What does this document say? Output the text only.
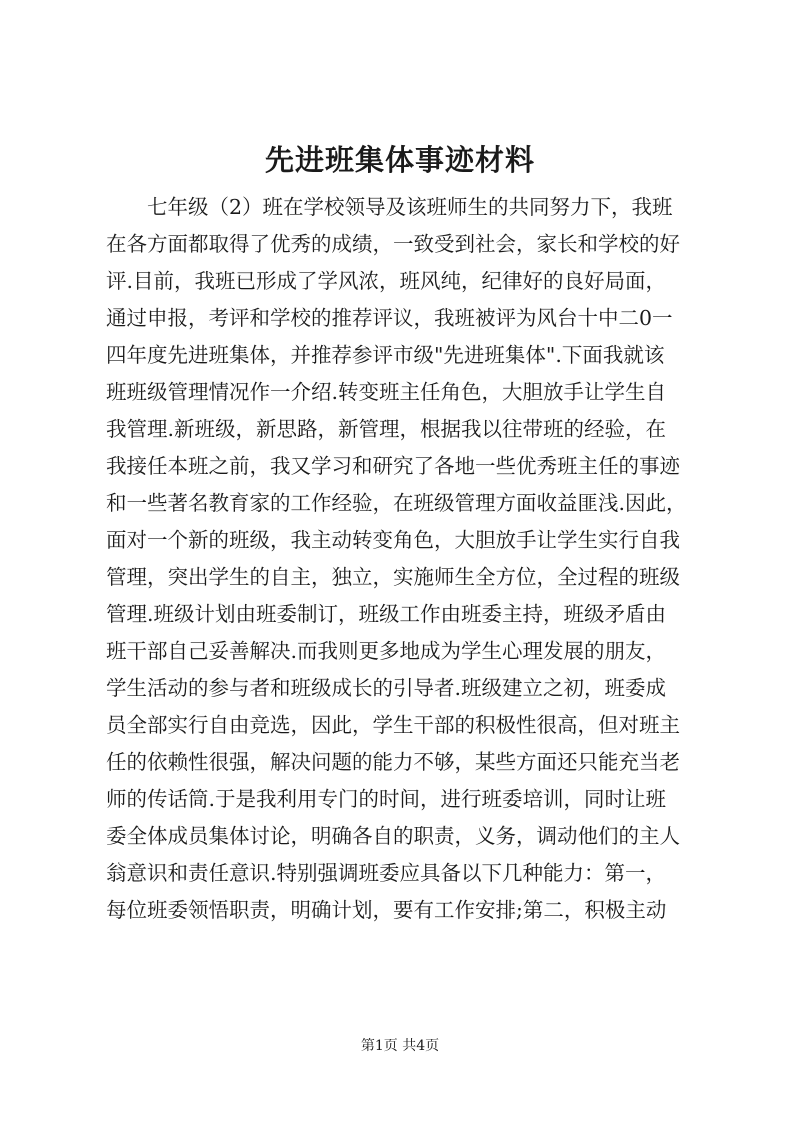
先进班集体事迹材料
七年级（2）班在学校领导及该班师生的共同努力下，我班
在各方面都取得了优秀的成绩，一致受到社会，家长和学校的好
评.目前，我班已形成了学风浓，班风纯，纪律好的良好局面，
通过申报，考评和学校的推荐评议，我班被评为风台十中二0一
四年度先进班集体，并推荐参评市级"先进班集体".下面我就该
班班级管理情况作一介绍.转变班主任角色，大胆放手让学生自
我管理.新班级，新思路，新管理，根据我以往带班的经验，在
我接任本班之前，我又学习和研究了各地一些优秀班主任的事迹
和一些著名教育家的工作经验，在班级管理方面收益匪浅.因此，
面对一个新的班级，我主动转变角色，大胆放手让学生实行自我
管理，突出学生的自主，独立，实施师生全方位，全过程的班级
管理.班级计划由班委制订，班级工作由班委主持，班级矛盾由
班干部自己妥善解决.而我则更多地成为学生心理发展的朋友，
学生活动的参与者和班级成长的引导者.班级建立之初，班委成
员全部实行自由竞选，因此，学生干部的积极性很高，但对班主
任的依赖性很强，解决问题的能力不够，某些方面还只能充当老
师的传话筒.于是我利用专门的时间，进行班委培训，同时让班
委全体成员集体讨论，明确各自的职责，义务，调动他们的主人
翁意识和责任意识.特别强调班委应具备以下几种能力：第一，
每位班委领悟职责，明确计划，要有工作安排;第二，积极主动
第1页 共4页
